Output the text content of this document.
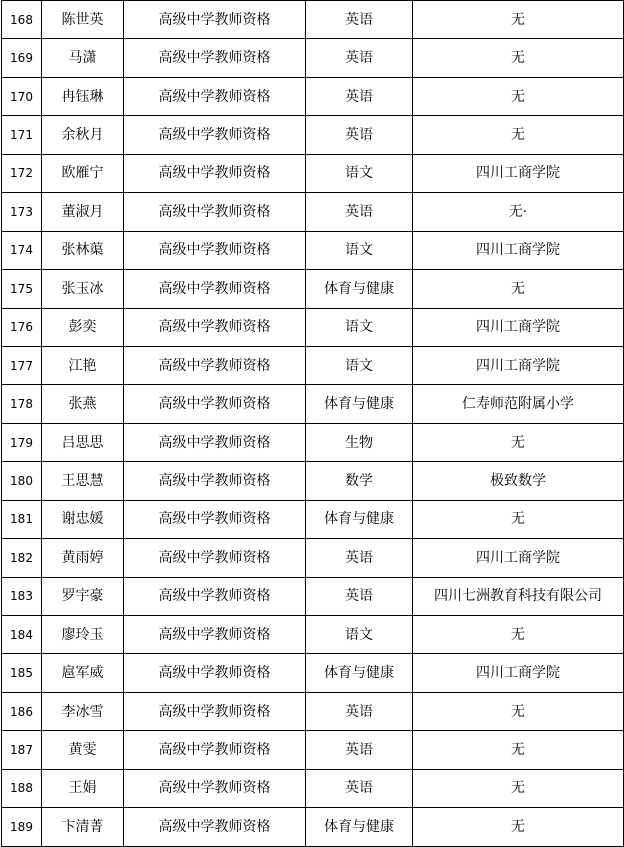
168	陈世英	高级中学教师资格	英语	无
169	马潇	高级中学教师资格	英语	无
170	冉钰琳	高级中学教师资格	英语	无
171	余秋月	高级中学教师资格	英语	无
172	欧雁宁	高级中学教师资格	语文	四川工商学院
173	董淑月	高级中学教师资格	英语	无·
174	张林蕖	高级中学教师资格	语文	四川工商学院
175	张玉冰	高级中学教师资格	体育与健康	无
176	彭奕	高级中学教师资格	语文	四川工商学院
177	江艳	高级中学教师资格	语文	四川工商学院
178	张燕	高级中学教师资格	体育与健康	仁寿师范附属小学
179	吕思思	高级中学教师资格	生物	无
180	王思慧	高级中学教师资格	数学	极致数学
181	谢忠媛	高级中学教师资格	体育与健康	无
182	黄雨婷	高级中学教师资格	英语	四川工商学院
183	罗宇豪	高级中学教师资格	英语	四川七洲教育科技有限公司
184	廖玲玉	高级中学教师资格	语文	无
185	扈军威	高级中学教师资格	体育与健康	四川工商学院
186	李冰雪	高级中学教师资格	英语	无
187	黄雯	高级中学教师资格	英语	无
188	王娟	高级中学教师资格	英语	无
189	卞清菁	高级中学教师资格	体育与健康	无
